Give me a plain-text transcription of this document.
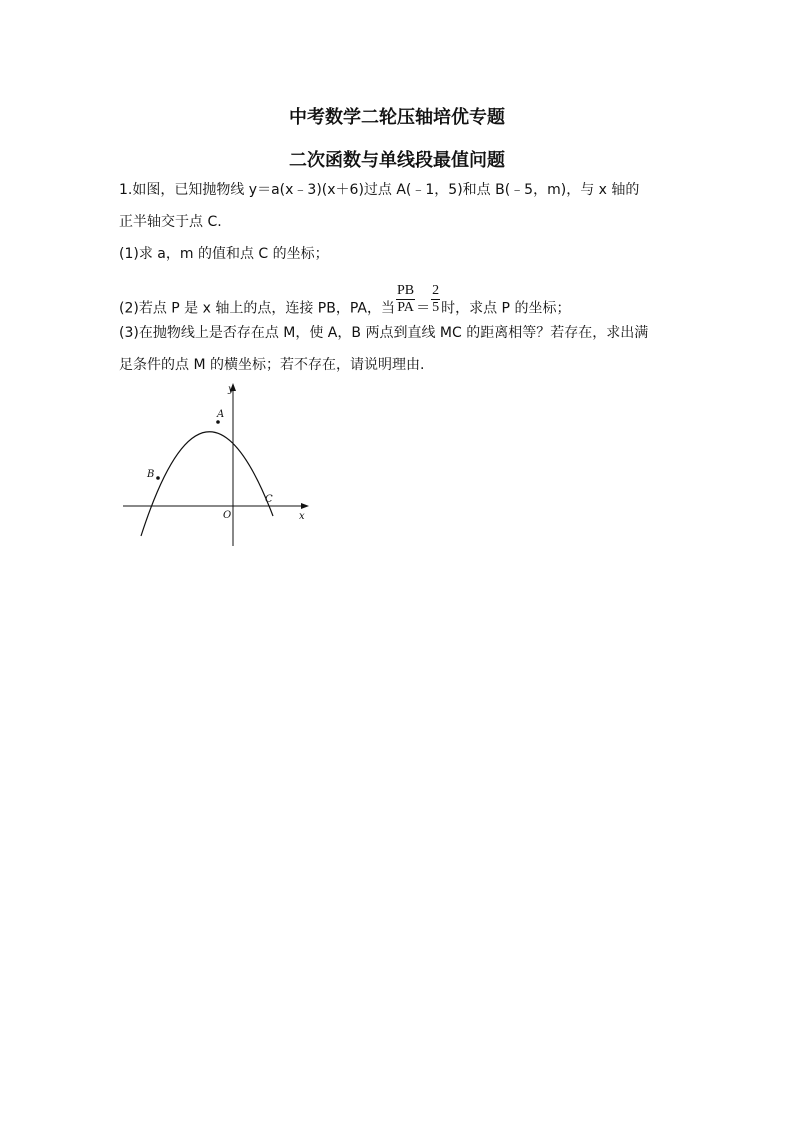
中考数学二轮压轴培优专题
二次函数与单线段最值问题
1.如图，已知抛物线 y＝a(x﹣3)(x＋6)过点 A(﹣1，5)和点 B(﹣5，m)，与 x 轴的
正半轴交于点 C.
(1)求 a，m 的值和点 C 的坐标；
(2)若点 P 是 x 轴上的点，连接 PB，PA，当 $\frac{PB}{PA} = \frac{2}{5}$ 时，求点 P 的坐标；
(3)在抛物线上是否存在点 M，使 A，B 两点到直线 MC 的距离相等？若存在，求出满
足条件的点 M 的横坐标；若不存在，请说明理由.
y
x
O
A
B
C
